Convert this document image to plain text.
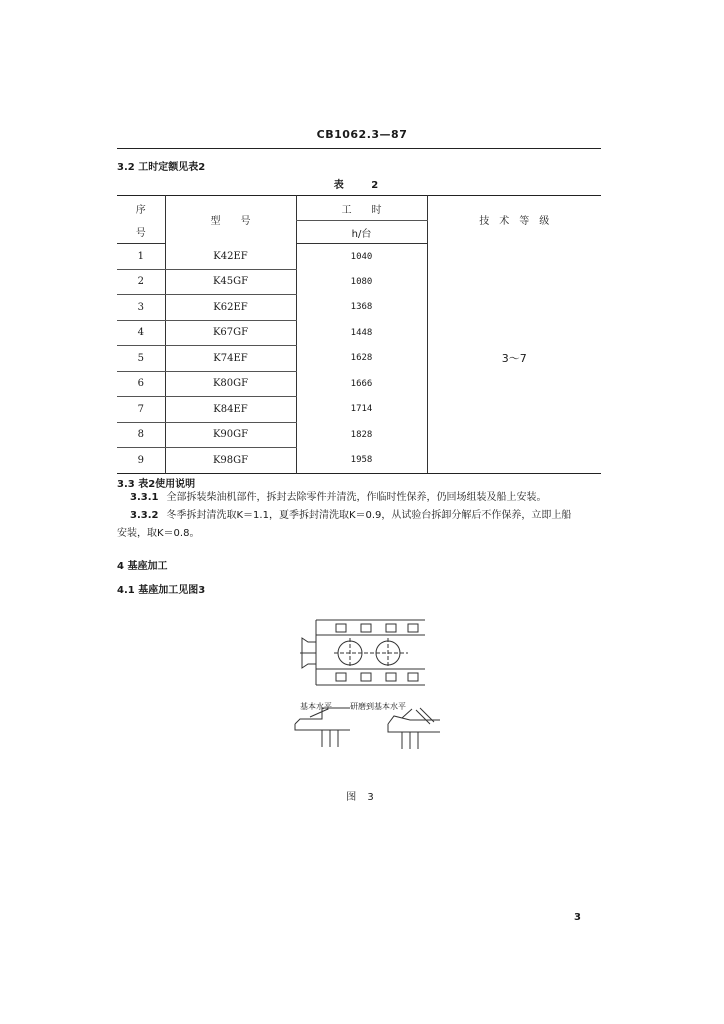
CB1062.3—87
3.2 工时定额见表2
表 2
序	型　　号	工　　时	技　术　等　级
号		h/台	
1	K42EF	1040	3～7
2	K45GF	1080	
3	K62EF	1368	
4	K67GF	1448	
5	K74EF	1628	
6	K80GF	1666	
7	K84EF	1714	
8	K90GF	1828	
9	K98GF	1958	
3.3 表2使用说明
3.3.1 全部拆装柴油机部件，拆封去除零件并清洗，作临时性保养，仍回场组装及船上安装。
3.3.2 冬季拆封清洗取K＝1.1，夏季拆封清洗取K＝0.9，从试验台拆卸分解后不作保养，立即上船
安装，取K＝0.8。
4 基座加工
4.1 基座加工见图3
基本水平 研磨到基本水平
图 3
3
